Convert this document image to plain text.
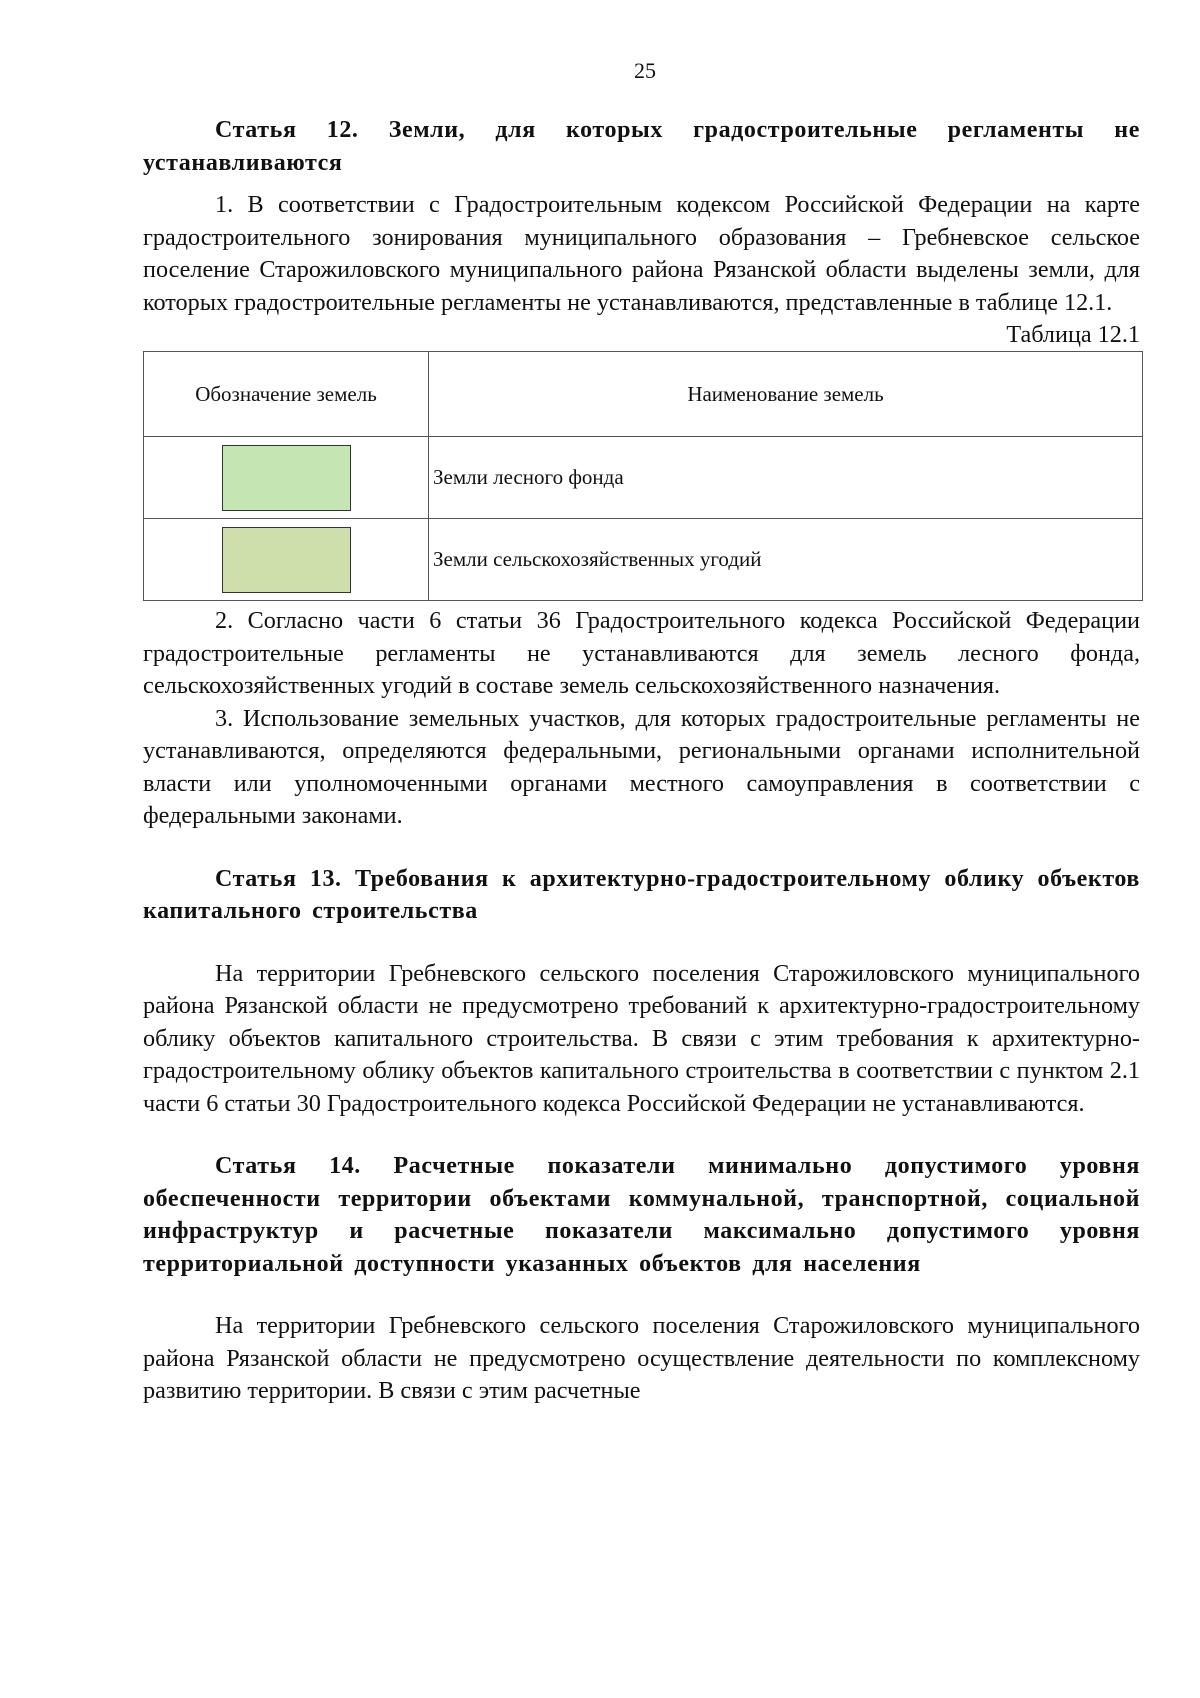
25
Статья 12. Земли, для которых градостроительные регламенты не устанавливаются

1. В соответствии с Градостроительным кодексом Российской Федерации на карте градостроительного зонирования муниципального образования – Гребневское сельское поселение Старожиловского муниципального района Рязанской области выделены земли, для которых градостроительные регламенты не устанавливаются, представленные в таблице 12.1.

Таблица 12.1
Обозначение земель	Наименование земель
	Земли лесного фонда
	Земли сельскохозяйственных угодий

2. Согласно части 6 статьи 36 Градостроительного кодекса Российской Федерации градостроительные регламенты не устанавливаются для земель лесного фонда, сельскохозяйственных угодий в составе земель сельскохозяйственного назначения.

3. Использование земельных участков, для которых градостроительные регламенты не устанавливаются, определяются федеральными, региональными органами исполнительной власти или уполномоченными органами местного самоуправления в соответствии с федеральными законами.

Статья 13. Требования к архитектурно-градостроительному облику объектов капитального строительства

На территории Гребневского сельского поселения Старожиловского муниципального района Рязанской области не предусмотрено требований к архитектурно-градостроительному облику объектов капитального строительства. В связи с этим требования к архитектурно-градостроительному облику объектов капитального строительства в соответствии с пунктом 2.1 части 6 статьи 30 Градостроительного кодекса Российской Федерации не устанавливаются.

Статья 14. Расчетные показатели минимально допустимого уровня обеспеченности территории объектами коммунальной, транспортной, социальной инфраструктур и расчетные показатели максимально допустимого уровня территориальной доступности указанных объектов для населения

На территории Гребневского сельского поселения Старожиловского муниципального района Рязанской области не предусмотрено осуществление деятельности по комплексному развитию территории. В связи с этим расчетные
